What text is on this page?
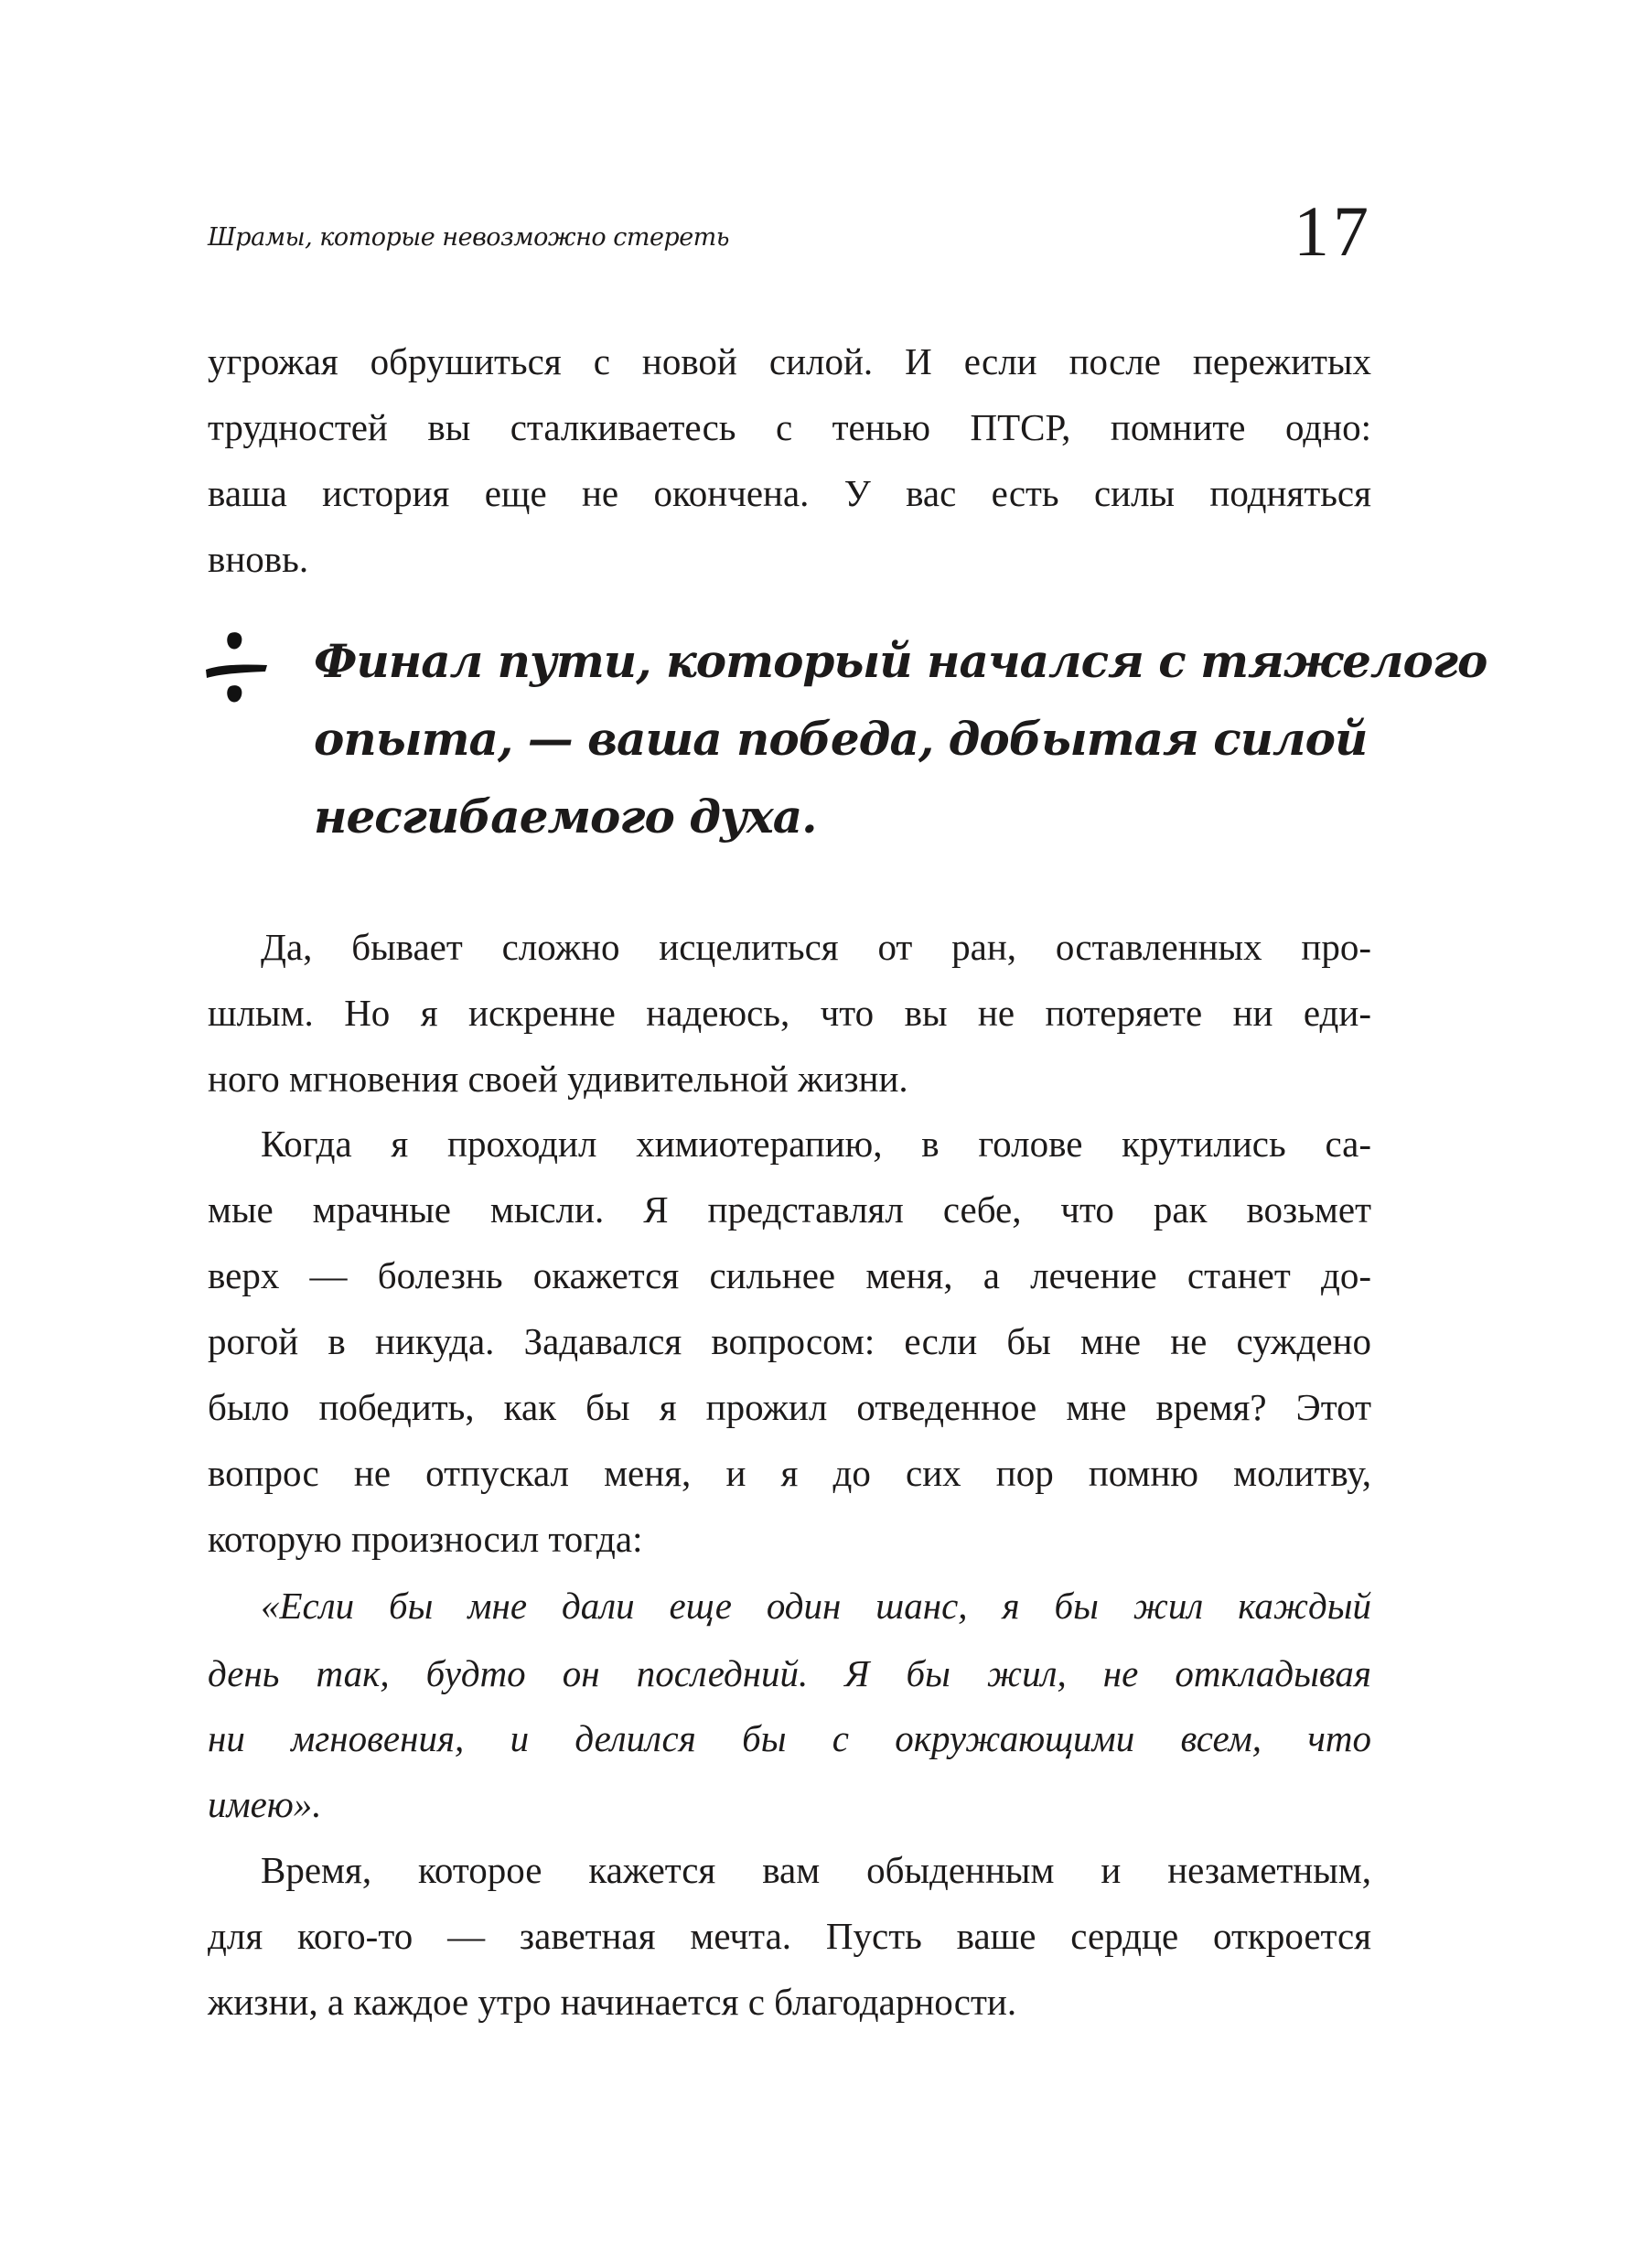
Шрамы, которые невозможно стереть	17
угрожая обрушиться с новой силой. И если после пережитых
трудностей вы сталкиваетесь с тенью ПТСР, помните одно:
ваша история еще не окончена. У вас есть силы подняться
вновь.
Финал пути, который начался с тяжелого
опыта, — ваша победа, добытая силой
несгибаемого духа.
Да, бывает сложно исцелиться от ран, оставленных про-
шлым. Но я искренне надеюсь, что вы не потеряете ни еди-
ного мгновения своей удивительной жизни.
Когда я проходил химиотерапию, в голове крутились са-
мые мрачные мысли. Я представлял себе, что рак возьмет
верх — болезнь окажется сильнее меня, а лечение станет до-
рогой в никуда. Задавался вопросом: если бы мне не суждено
было победить, как бы я прожил отведенное мне время? Этот
вопрос не отпускал меня, и я до сих пор помню молитву,
которую произносил тогда:
«Если бы мне дали еще один шанс, я бы жил каждый
день так, будто он последний. Я бы жил, не откладывая
ни мгновения, и делился бы с окружающими всем, что
имею».
Время, которое кажется вам обыденным и незаметным,
для кого-то — заветная мечта. Пусть ваше сердце откроется
жизни, а каждое утро начинается с благодарности.
